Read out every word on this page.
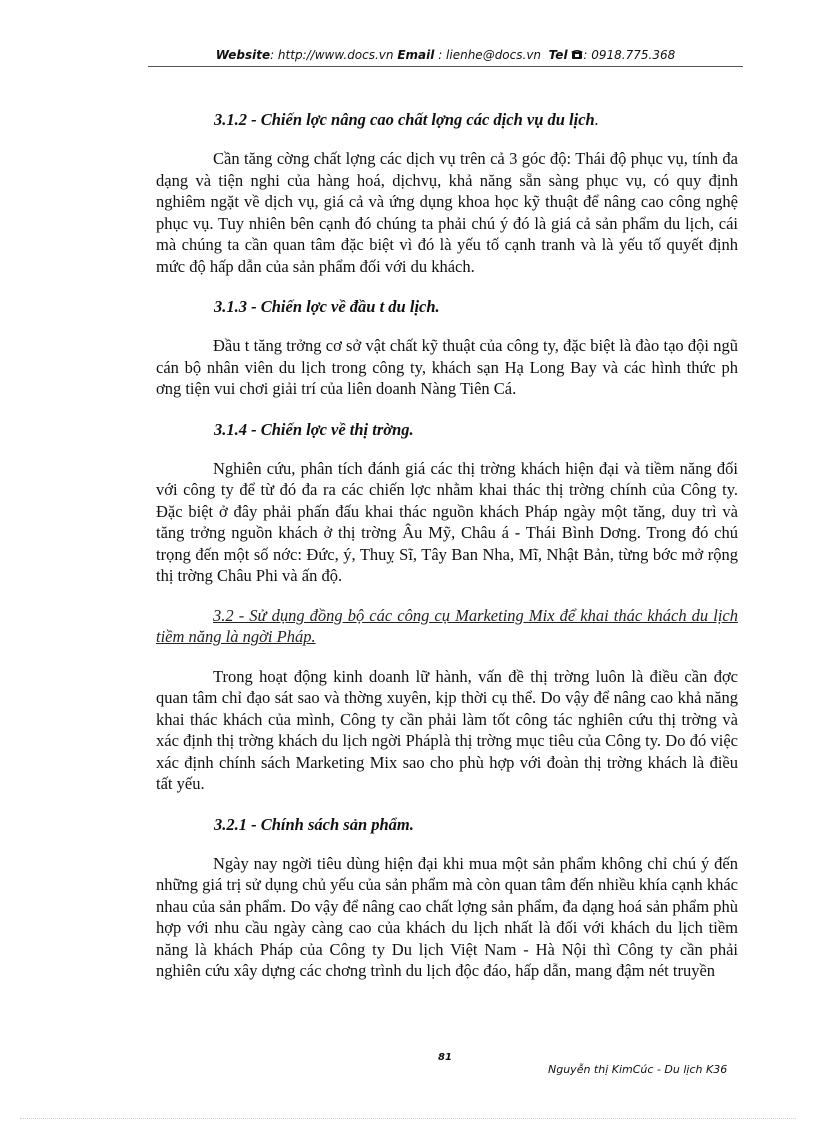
Website: http://www.docs.vn Email : lienhe@docs.vn  Tel : 0918.775.368
3.1.2 - Chiến lợc nâng cao chất lợng các dịch vụ du lịch.

Cần tăng cờng chất lợng các dịch vụ trên cả 3 góc độ: Thái độ phục vụ, tính đa dạng và tiện nghi của hàng hoá, dịchvụ, khả năng sẵn sàng phục vụ, có quy định nghiêm ngặt về dịch vụ, giá cả và ứng dụng khoa học kỹ thuật để nâng cao công nghệ phục vụ. Tuy nhiên bên cạnh đó chúng ta phải chú ý đó là giá cả sản phẩm du lịch, cái mà chúng ta cần quan tâm đặc biệt vì đó là yếu tố cạnh tranh và là yếu tố quyết định mức độ hấp dẫn của sản phẩm đối với du khách.

3.1.3 - Chiến lợc về đầu t du lịch.

Đầu t tăng trởng cơ sở vật chất kỹ thuật của công ty, đặc biệt là đào tạo đội ngũ cán bộ nhân viên du lịch trong công ty, khách sạn Hạ Long Bay và các hình thức ph ơng tiện vui chơi giải trí của liên doanh Nàng Tiên Cá.

3.1.4 - Chiến lợc về thị trờng.

Nghiên cứu, phân tích đánh giá các thị trờng khách hiện đại và tiềm năng đối với công ty để từ đó đa ra các chiến lợc nhằm khai thác thị trờng chính của Công ty. Đặc biệt ở đây phải phấn đấu khai thác nguồn khách Pháp ngày một tăng, duy trì và tăng trởng nguồn khách ở thị trờng Âu Mỹ, Châu á - Thái Bình Dơng. Trong đó chú trọng đến một số nớc: Đức, ý, Thuỵ Sĩ, Tây Ban Nha, Mĩ, Nhật Bản, từng bớc mở rộng thị trờng Châu Phi và ấn độ.

3.2 - Sử dụng đồng bộ các công cụ Marketing Mix để khai thác khách du lịch tiềm năng là ngời Pháp.

Trong hoạt động kinh doanh lữ hành, vấn đề thị trờng luôn là điều cần đợc quan tâm chỉ đạo sát sao và thờng xuyên, kịp thời cụ thể. Do vậy để nâng cao khả năng khai thác khách của mình, Công ty cần phải làm tốt công tác nghiên cứu thị trờng và xác định thị trờng khách du lịch ngời Pháplà thị trờng mục tiêu của Công ty. Do đó việc xác định chính sách Marketing Mix sao cho phù hợp với đoàn thị trờng khách là điều tất yếu.

3.2.1 - Chính sách sản phẩm.

Ngày nay ngời tiêu dùng hiện đại khi mua một sản phẩm không chỉ chú ý đến những giá trị sử dụng chủ yếu của sản phẩm mà còn quan tâm đến nhiều khía cạnh khác nhau của sản phẩm. Do vậy để nâng cao chất lợng sản phẩm, đa dạng hoá sản phẩm phù hợp với nhu cầu ngày càng cao của khách du lịch nhất là đối với khách du lịch tiềm năng là khách Pháp của Công ty Du lịch Việt Nam - Hà Nội thì Công ty cần phải nghiên cứu xây dựng các chơng trình du lịch độc đáo, hấp dẫn, mang đậm nét truyền

81
Nguyễn thị KimCúc - Du lịch K36
